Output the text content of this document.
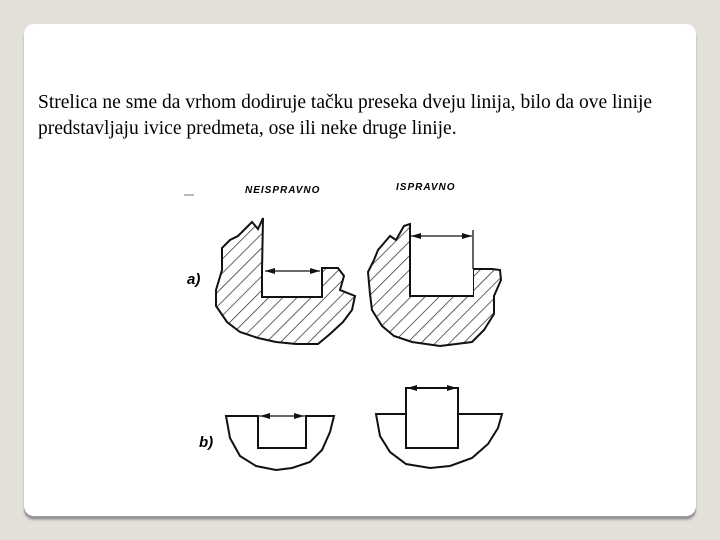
Strelica ne sme da vrhom dodiruje tačku preseka dveju linija, bilo da ove linije predstavljaju ivice predmeta, ose ili neke druge linije.

NEISPRAVNO	ISPRAVNO
a)
b)
